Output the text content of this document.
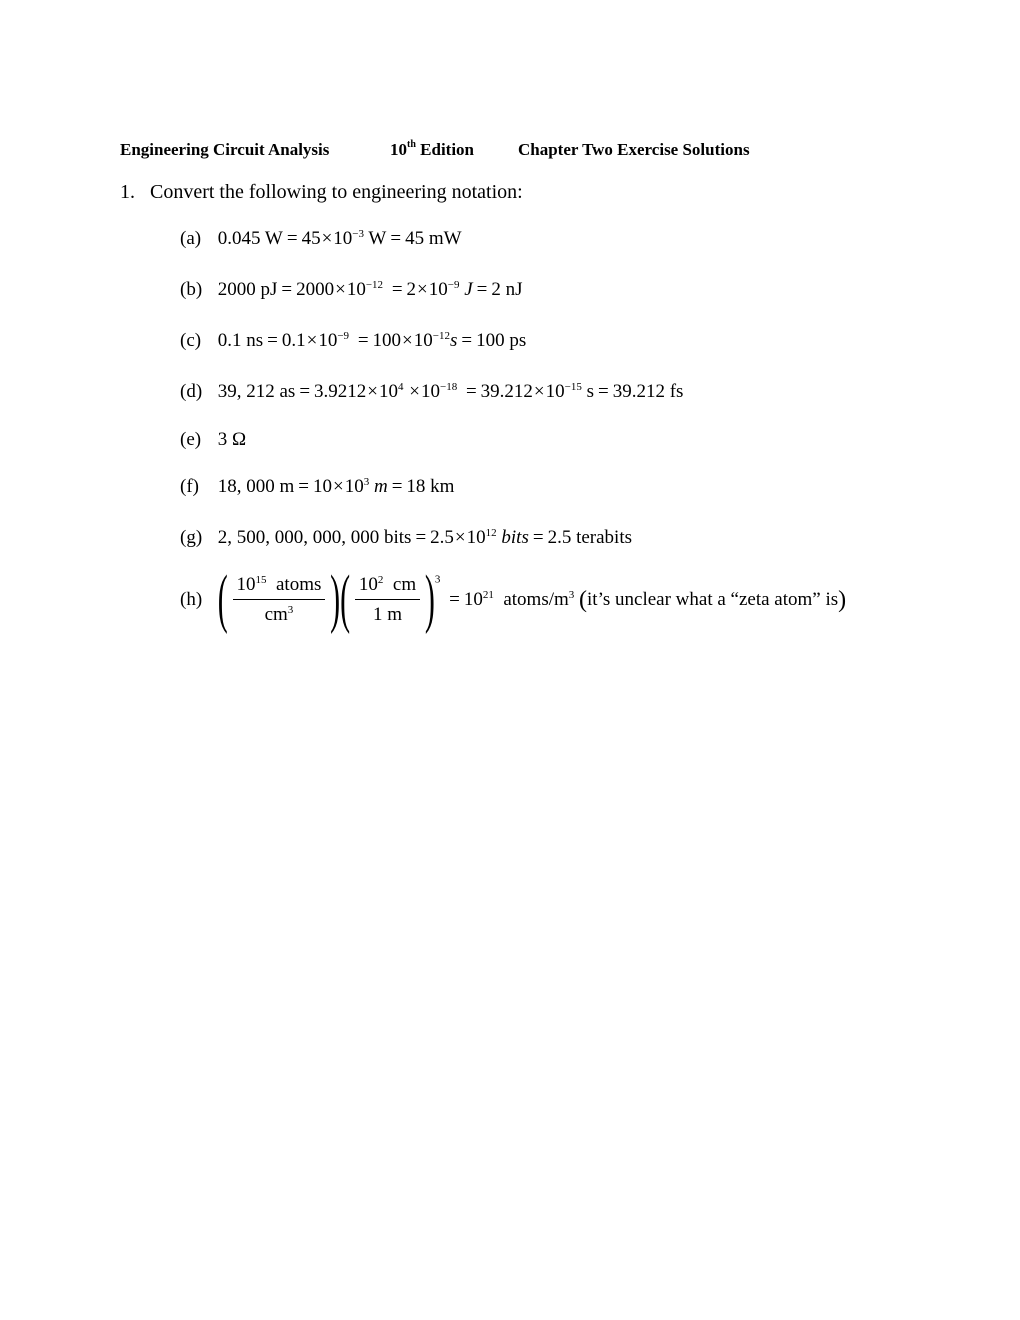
Engineering Circuit Analysis	10th Edition	Chapter Two Exercise Solutions
1. Convert the following to engineering notation:
(a) 0.045 $W = 45\times 10^{-3}$ W = 45 mW
(b) 2000 pJ = $2000\times 10^{-12} = 2\times 10^{-9}$ J = 2 nJ
(c) 0.1 ns = $0.1\times 10^{-9} = 100\times 10^{-12}s = 100$ ps
(d) 39, 212 as = $3.9212\times 10^4 \times 10^{-18} = 39.212\times 10^{-15}$ s = 39.212 fs
(e) 3 Ω
(f) 18, 000 $m = 10\times 10^3$ m = 18 km
(g) 2, 500, 000, 000, 000 bits = $2.5\times 10^{12}$ bits = 2.5 terabits
(h) ( $\frac{10^{15} atoms}{cm^3}$ )( $\frac{10^2 cm}{1 m} )^3 = 10^{21}$ atoms/$m^3$ (it’s unclear what a “zeta atom” is)
